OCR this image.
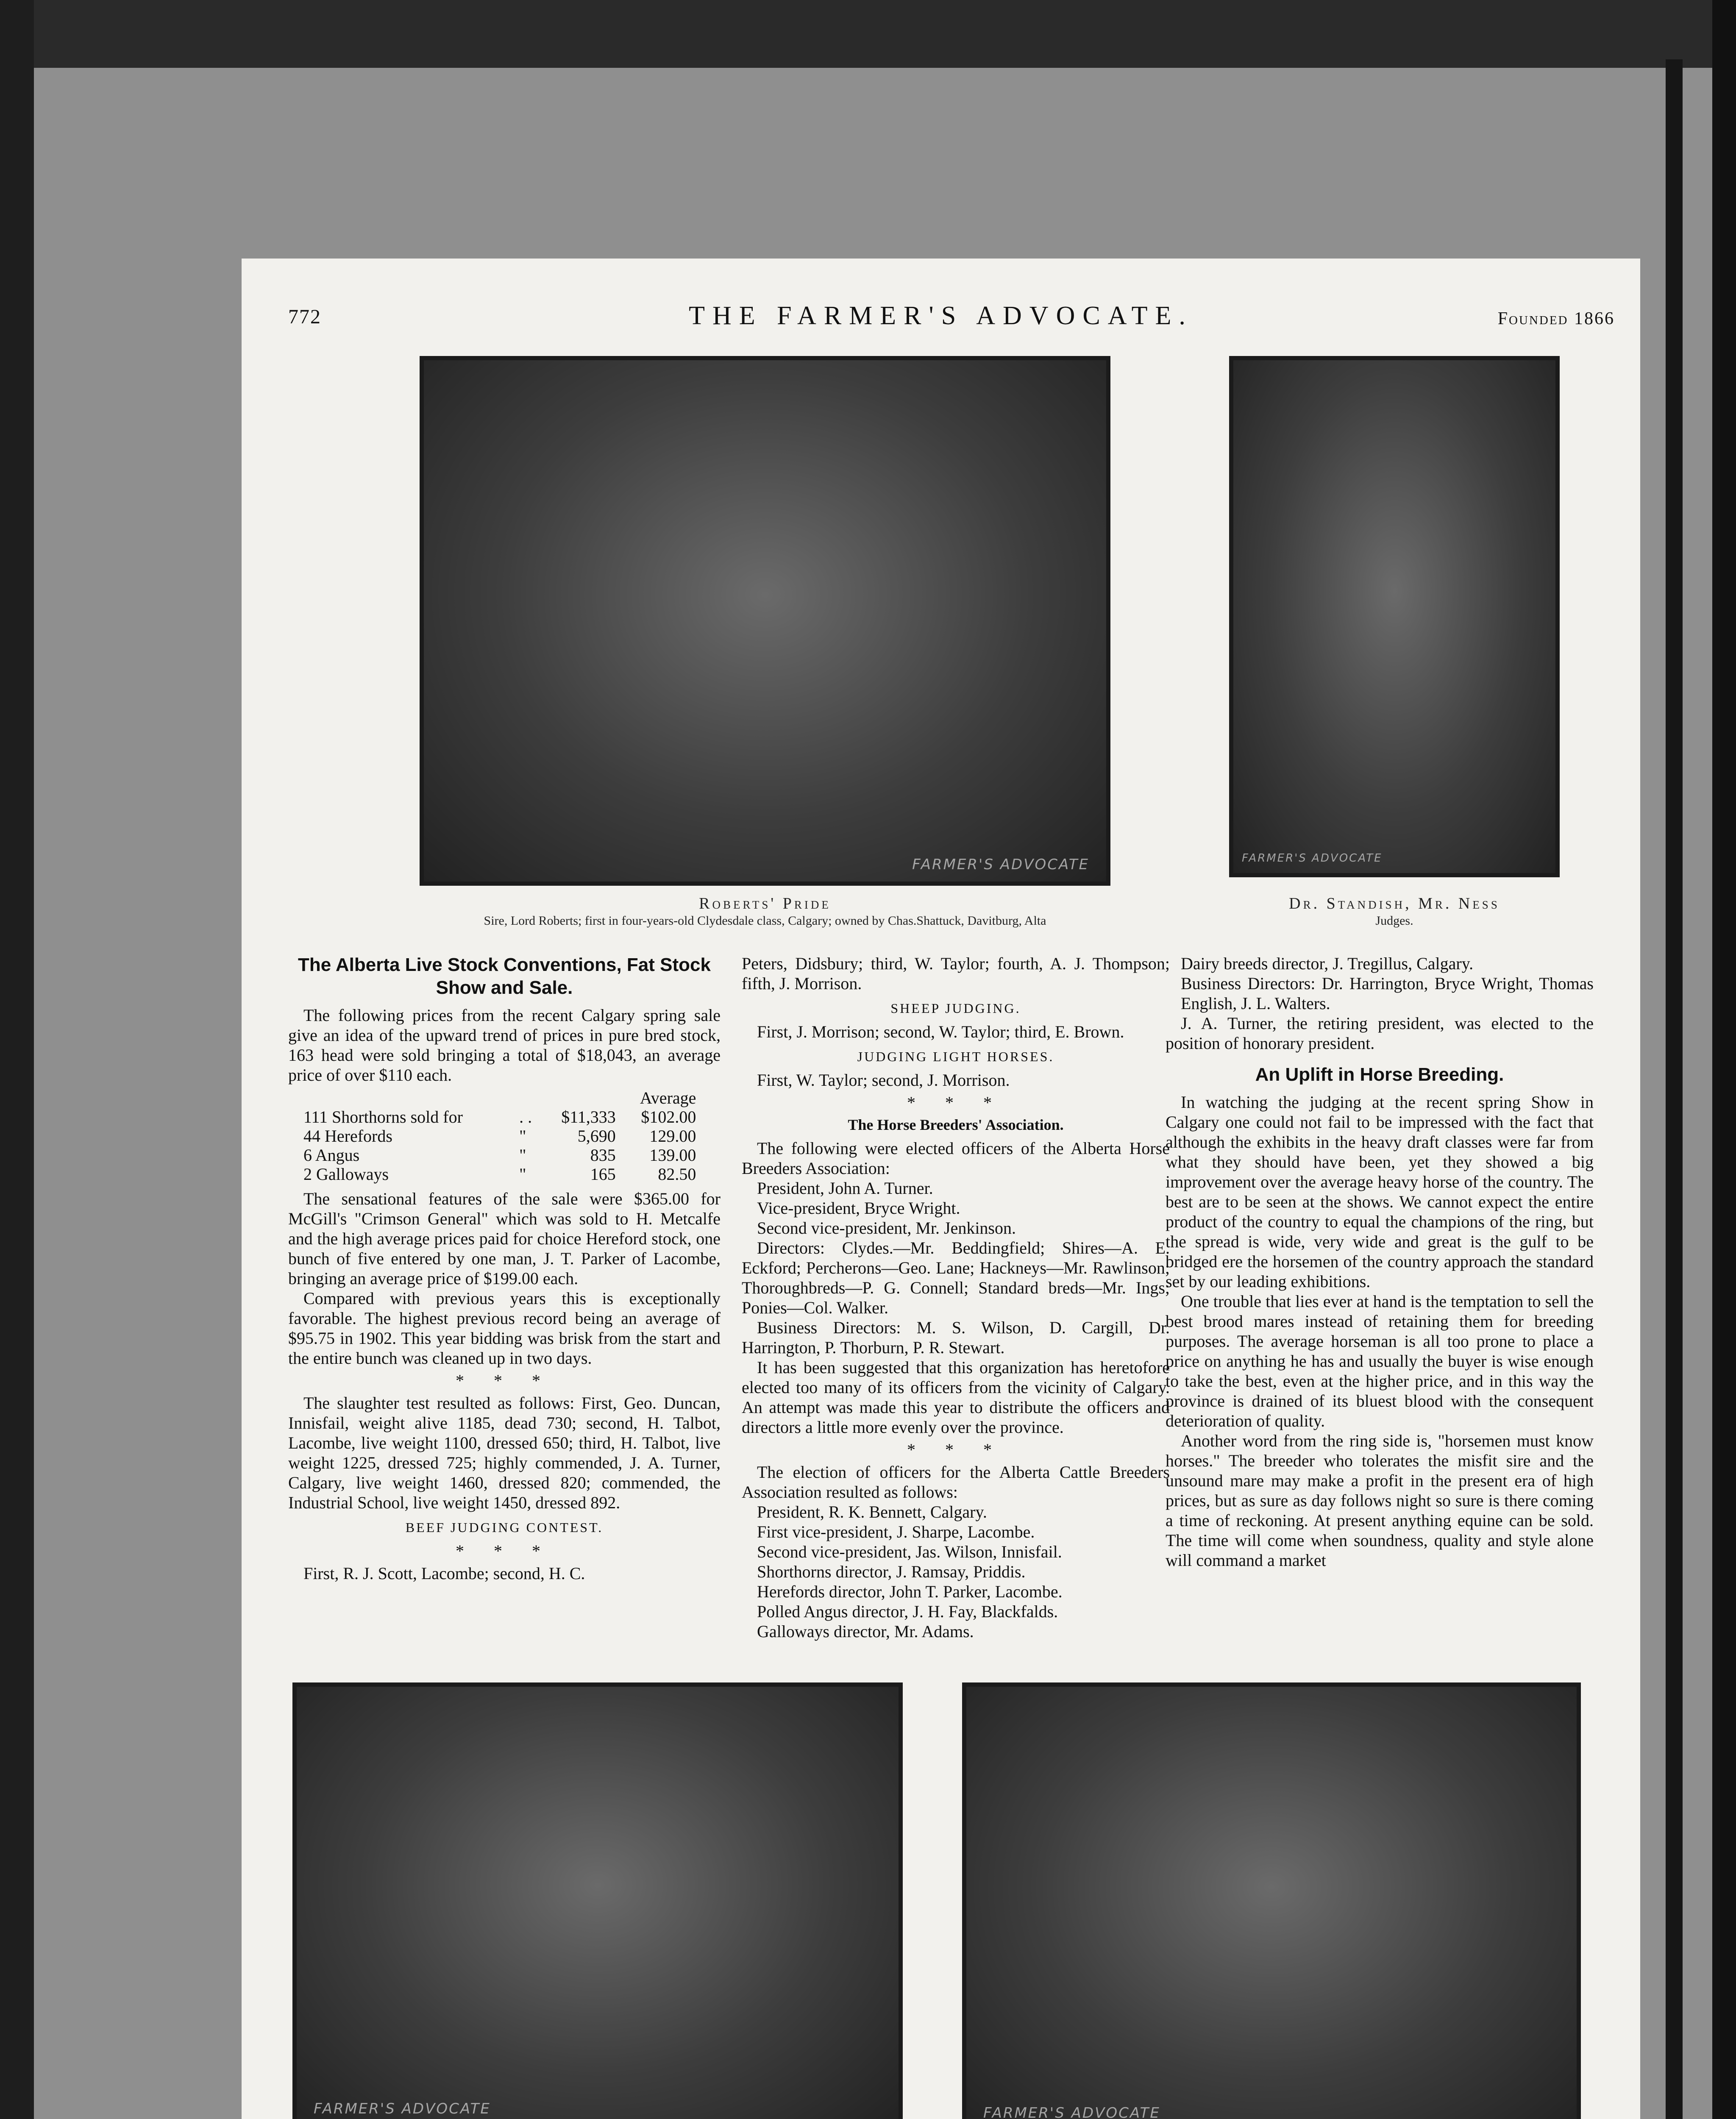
772	THE FARMER'S ADVOCATE.	Founded 1866
FARMER'S ADVOCATE
Roberts' Pride
Sire, Lord Roberts; first in four-years-old Clydesdale class, Calgary; owned by Chas.Shattuck, Davitburg, Alta
FARMER'S ADVOCATE
Dr. Standish, Mr. Ness
Judges.
The Alberta Live Stock Conventions, Fat Stock Show and Sale.

The following prices from the recent Calgary spring sale give an idea of the upward trend of prices in pure bred stock, 163 head were sold bringing a total of $18,043, an average price of over $110 each.

			Average
111 Shorthorns sold for	. .	$11,333	$102.00
44 Herefords	"	5,690	129.00
6 Angus	"	835	139.00
2 Galloways	"	165	82.50

The sensational features of the sale were $365.00 for McGill's "Crimson General" which was sold to H. Metcalfe and the high average prices paid for choice Hereford stock, one bunch of five entered by one man, J. T. Parker of Lacombe, bringing an average price of $199.00 each.

Compared with previous years this is exceptionally favorable. The highest previous record being an average of $95.75 in 1902. This year bidding was brisk from the start and the entire bunch was cleaned up in two days.

* * *

The slaughter test resulted as follows: First, Geo. Duncan, Innisfail, weight alive 1185, dead 730; second, H. Talbot, Lacombe, live weight 1100, dressed 650; third, H. Talbot, live weight 1225, dressed 725; highly commended, J. A. Turner, Calgary, live weight 1460, dressed 820; commended, the Industrial School, live weight 1450, dressed 892.

BEEF JUDGING CONTEST.
* * *

First, R. J. Scott, Lacombe; second, H. C.

Peters, Didsbury; third, W. Taylor; fourth, A. J. Thompson; fifth, J. Morrison.

SHEEP JUDGING.

First, J. Morrison; second, W. Taylor; third, E. Brown.

JUDGING LIGHT HORSES.

First, W. Taylor; second, J. Morrison.

* * *
The Horse Breeders' Association.

The following were elected officers of the Alberta Horse Breeders Association:

President, John A. Turner.
Vice-president, Bryce Wright.
Second vice-president, Mr. Jenkinson.

Directors: Clydes.—Mr. Beddingfield; Shires—A. E. Eckford; Percherons—Geo. Lane; Hackneys—Mr. Rawlinson; Thoroughbreds—P. G. Connell; Standard breds—Mr. Ings; Ponies—Col. Walker.

Business Directors: M. S. Wilson, D. Cargill, Dr. Harrington, P. Thorburn, P. R. Stewart.

It has been suggested that this organization has heretofore elected too many of its officers from the vicinity of Calgary. An attempt was made this year to distribute the officers and directors a little more evenly over the province.

* * *

The election of officers for the Alberta Cattle Breeders Association resulted as follows:

President, R. K. Bennett, Calgary.
First vice-president, J. Sharpe, Lacombe.
Second vice-president, Jas. Wilson, Innisfail.
Shorthorns director, J. Ramsay, Priddis.
Herefords director, John T. Parker, Lacombe.
Polled Angus director, J. H. Fay, Blackfalds.
Galloways director, Mr. Adams.
Dairy breeds director, J. Tregillus, Calgary.
Business Directors: Dr. Harrington, Bryce Wright, Thomas English, J. L. Walters.

J. A. Turner, the retiring president, was elected to the position of honorary president.

An Uplift in Horse Breeding.

In watching the judging at the recent spring Show in Calgary one could not fail to be impressed with the fact that although the exhibits in the heavy draft classes were far from what they should have been, yet they showed a big improvement over the average heavy horse of the country. The best are to be seen at the shows. We cannot expect the entire product of the country to equal the champions of the ring, but the spread is wide, very wide and great is the gulf to be bridged ere the horsemen of the country approach the standard set by our leading exhibitions.

One trouble that lies ever at hand is the temptation to sell the best brood mares instead of retaining them for breeding purposes. The average horseman is all too prone to place a price on anything he has and usually the buyer is wise enough to take the best, even at the higher price, and in this way the province is drained of its bluest blood with the consequent deterioration of quality.

Another word from the ring side is, "horsemen must know horses." The breeder who tolerates the misfit sire and the unsound mare may make a profit in the present era of high prices, but as sure as day follows night so sure is there coming a time of reckoning. At present anything equine can be sold. The time will come when soundness, quality and style alone will command a market

FARMER'S ADVOCATE	FARMER'S ADVOCATE
